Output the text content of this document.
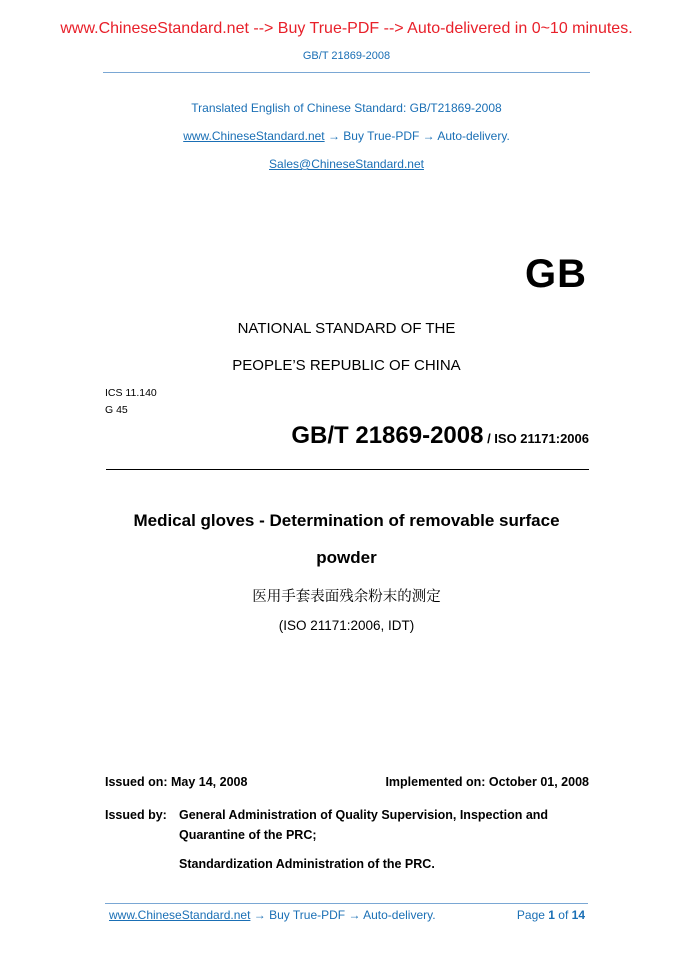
www.ChineseStandard.net --> Buy True-PDF --> Auto-delivered in 0~10 minutes.
GB/T 21869-2008
Translated English of Chinese Standard: GB/T21869-2008
www.ChineseStandard.net → Buy True-PDF → Auto-delivery.
Sales@ChineseStandard.net
GB
NATIONAL STANDARD OF THE
PEOPLE’S REPUBLIC OF CHINA
ICS 11.140
G 45
GB/T 21869-2008 / ISO 21171:2006
Medical gloves - Determination of removable surface
powder
医用手套表面残余粉末的测定
(ISO 21171:2006, IDT)
Issued on: May 14, 2008	Implemented on: October 01, 2008
Issued by: General Administration of Quality Supervision, Inspection and
Quarantine of the PRC;
Standardization Administration of the PRC.
www.ChineseStandard.net → Buy True-PDF → Auto-delivery.	Page 1 of 14
